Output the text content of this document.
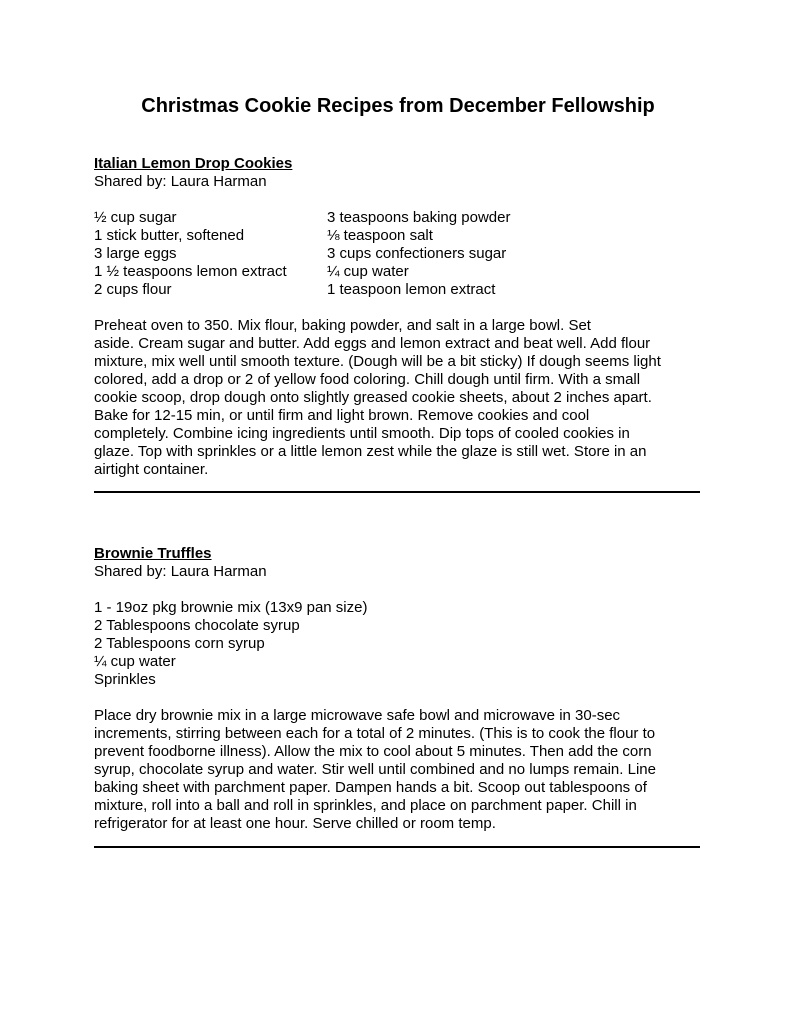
Christmas Cookie Recipes from December Fellowship
Italian Lemon Drop Cookies
Shared by: Laura Harman
½ cup sugar
1 stick butter, softened
3 large eggs
1 ½ teaspoons lemon extract
2 cups flour
3 teaspoons baking powder
⅛ teaspoon salt
3 cups confectioners sugar
¼ cup water
1 teaspoon lemon extract
Preheat oven to 350. Mix flour, baking powder, and salt in a large bowl. Set
aside. Cream sugar and butter. Add eggs and lemon extract and beat well. Add flour
mixture, mix well until smooth texture. (Dough will be a bit sticky) If dough seems light
colored, add a drop or 2 of yellow food coloring. Chill dough until firm. With a small
cookie scoop, drop dough onto slightly greased cookie sheets, about 2 inches apart.
Bake for 12-15 min, or until firm and light brown. Remove cookies and cool
completely. Combine icing ingredients until smooth. Dip tops of cooled cookies in
glaze. Top with sprinkles or a little lemon zest while the glaze is still wet. Store in an
airtight container.
Brownie Truffles
Shared by: Laura Harman
1 - 19oz pkg brownie mix (13x9 pan size)
2 Tablespoons chocolate syrup
2 Tablespoons corn syrup
¼ cup water
Sprinkles
Place dry brownie mix in a large microwave safe bowl and microwave in 30-sec
increments, stirring between each for a total of 2 minutes. (This is to cook the flour to
prevent foodborne illness). Allow the mix to cool about 5 minutes. Then add the corn
syrup, chocolate syrup and water. Stir well until combined and no lumps remain. Line
baking sheet with parchment paper. Dampen hands a bit. Scoop out tablespoons of
mixture, roll into a ball and roll in sprinkles, and place on parchment paper. Chill in
refrigerator for at least one hour. Serve chilled or room temp.
